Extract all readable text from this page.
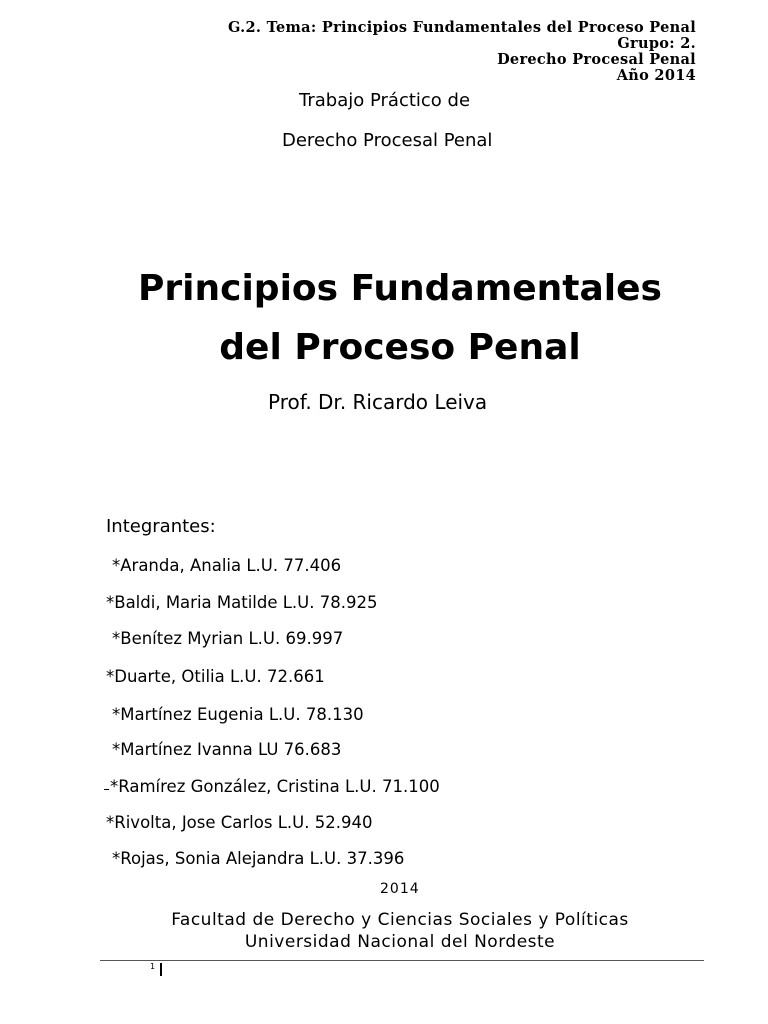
G.2. Tema: Principios Fundamentales del Proceso Penal
Grupo: 2.
Derecho Procesal Penal
Año 2014
Trabajo Práctico de
Derecho Procesal Penal
Principios Fundamentales
del Proceso Penal
Prof. Dr. Ricardo Leiva
Integrantes:
*Aranda, Analia L.U. 77.406
*Baldi, Maria Matilde L.U. 78.925
*Benítez Myrian L.U. 69.997
*Duarte, Otilia L.U. 72.661
*Martínez Eugenia L.U. 78.130
*Martínez Ivanna LU 76.683
*Ramírez González, Cristina L.U. 71.100
*Rivolta, Jose Carlos L.U. 52.940
*Rojas, Sonia Alejandra L.U. 37.396
2014
Facultad de Derecho y Ciencias Sociales y Políticas
Universidad Nacional del Nordeste
1
